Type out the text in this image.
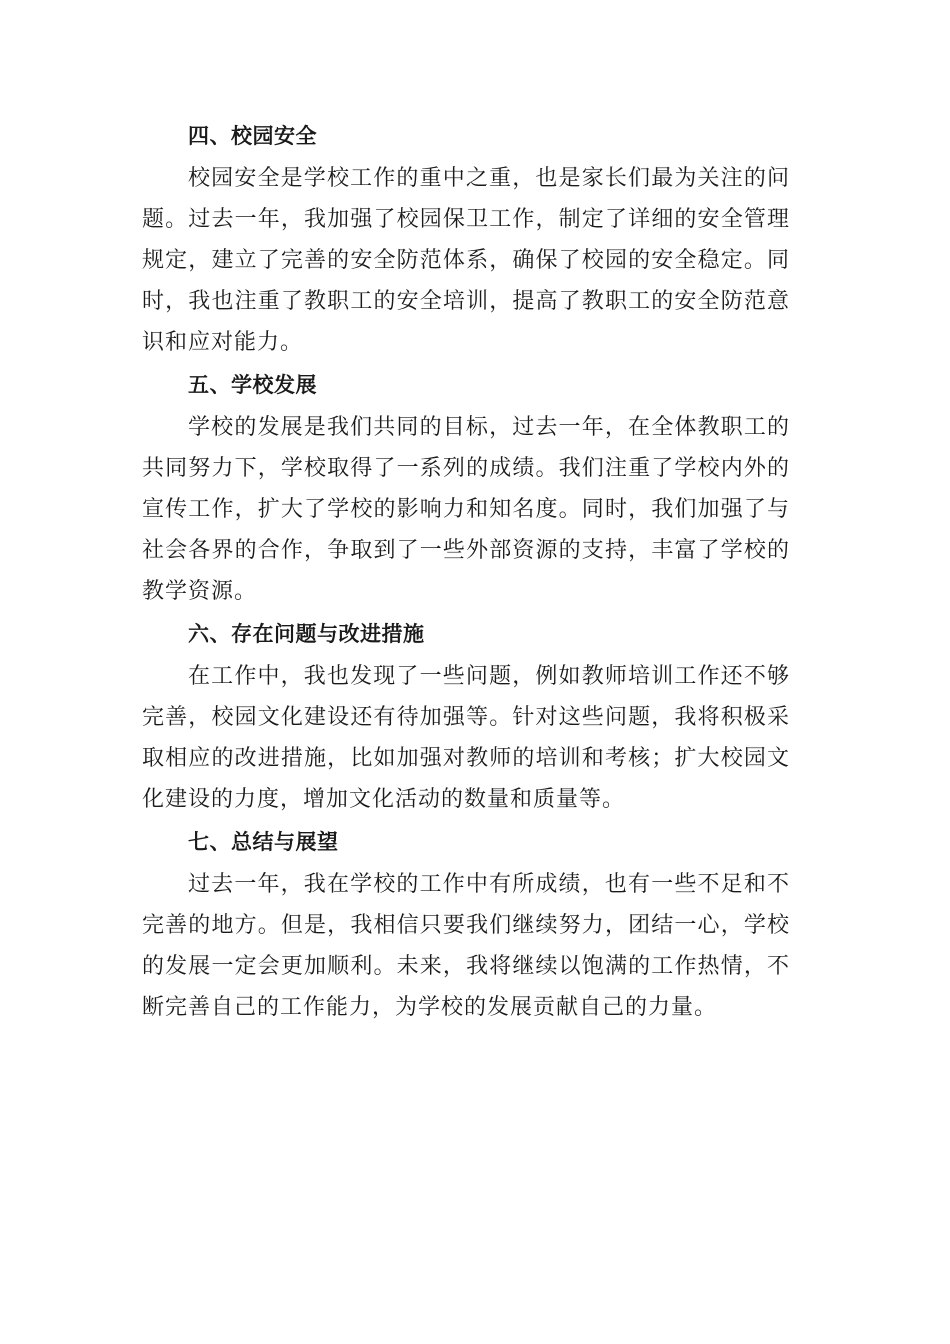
四、校园安全

校园安全是学校工作的重中之重，也是家长们最为关注的问题。过去一年，我加强了校园保卫工作，制定了详细的安全管理规定，建立了完善的安全防范体系，确保了校园的安全稳定。同时，我也注重了教职工的安全培训，提高了教职工的安全防范意识和应对能力。

五、学校发展

学校的发展是我们共同的目标，过去一年，在全体教职工的 共同努力下，学校取得了一系列的成绩。我们注重了学校内外的 宣传工作，扩大了学校的影响力和知名度。同时，我们加强了与 社会各界的合作，争取到了一些外部资源的支持，丰富了学校的 教学资源。

六、存在问题与改进措施

在工作中，我也发现了一些问题，例如教师培训工作还不够完善，校园文化建设还有待加强等。针对这些问题，我将积极采取相应的改进措施，比如加强对教师的培训和考核；扩大校园文化建设的力度，增加文化活动的数量和质量等。

七、总结与展望

过去一年，我在学校的工作中有所成绩，也有一些不足和不完善的地方。但是，我相信只要我们继续努力，团结一心，学校的发展一定会更加顺利。未来，我将继续以饱满的工作热情，不断完善自己的工作能力，为学校的发展贡献自己的力量。
